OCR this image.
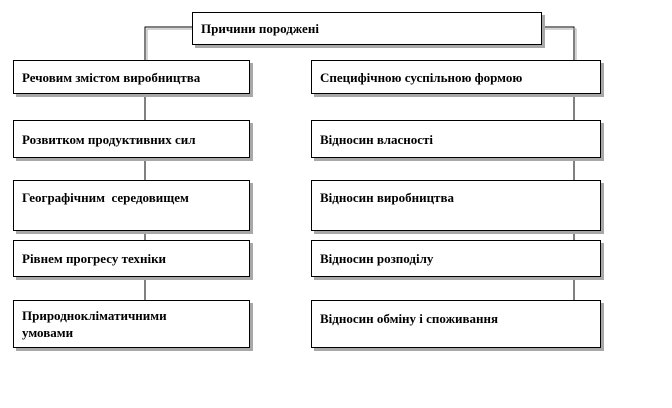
Причини породжені
Речовим змістом виробництва
Розвитком продуктивних сил
Географічним  середовищем
Рівнем прогресу техніки
Природнокліматичними умовами
Специфічною суспільною формою
Відносин власності
Відносин виробництва
Відносин розподілу
Відносин обміну і споживання
